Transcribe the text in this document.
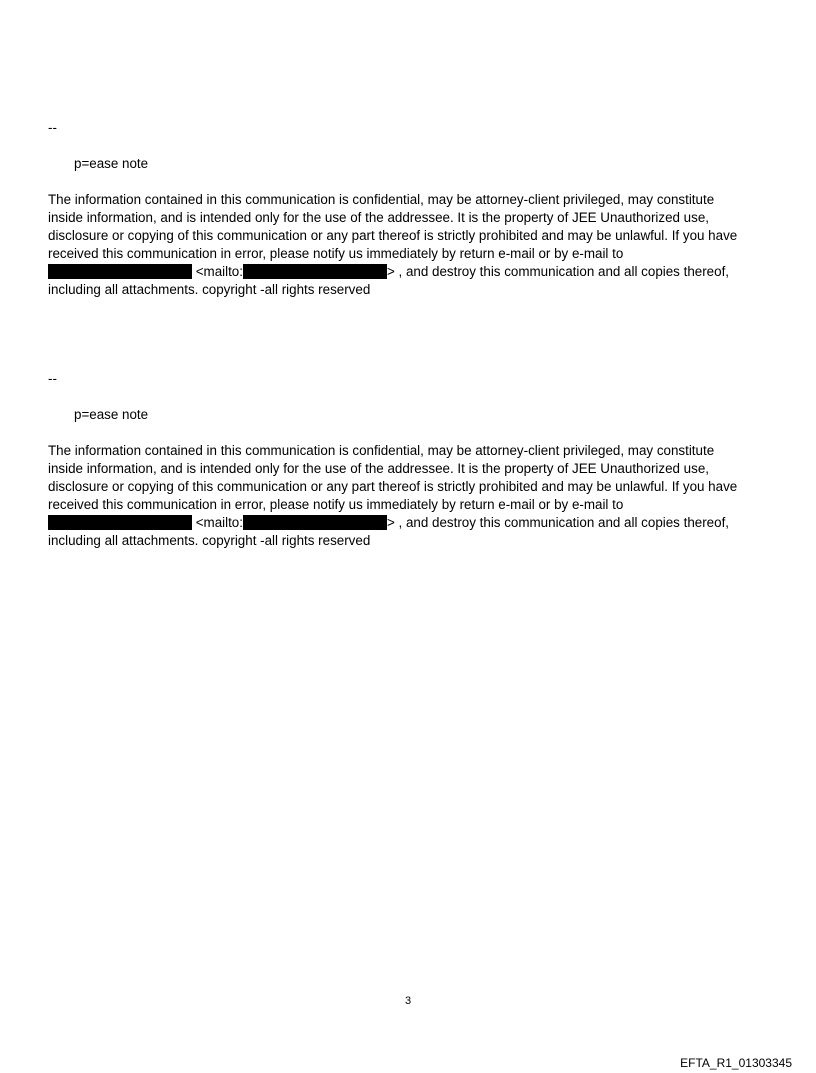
--
p=ease note
The information contained in this communication is confidential, may be attorney-client privileged, may constitute
inside information, and is intended only for the use of the addressee. It is the property of JEE Unauthorized use,
disclosure or copying of this communication or any part thereof is strictly prohibited and may be unlawful. If you have
received this communication in error, please notify us immediately by return e-mail or by e-mail to
<mailto:	> , and destroy this communication and all copies thereof,
including all attachments. copyright -all rights reserved
--
p=ease note
The information contained in this communication is confidential, may be attorney-client privileged, may constitute
inside information, and is intended only for the use of the addressee. It is the property of JEE Unauthorized use,
disclosure or copying of this communication or any part thereof is strictly prohibited and may be unlawful. If you have
received this communication in error, please notify us immediately by return e-mail or by e-mail to
<mailto:	> , and destroy this communication and all copies thereof,
including all attachments. copyright -all rights reserved
3
EFTA_R1_01303345
